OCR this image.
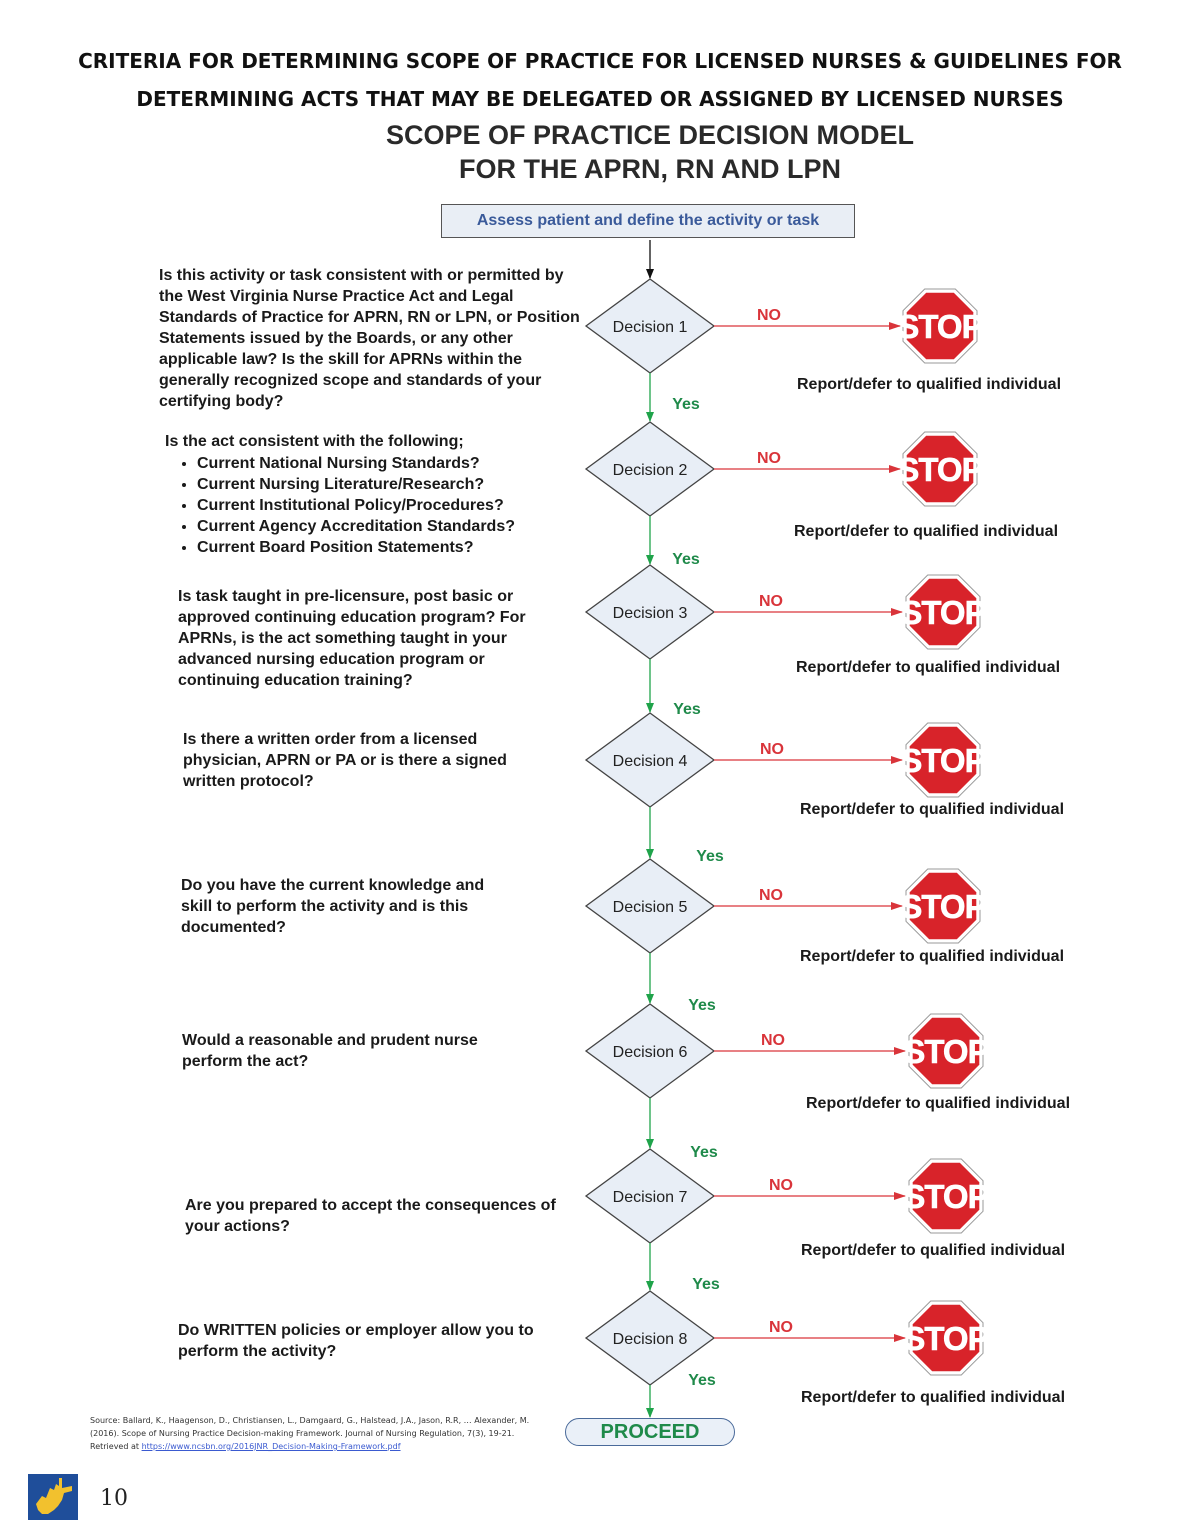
CRITERIA FOR DETERMINING SCOPE OF PRACTICE FOR LICENSED NURSES & GUIDELINES FOR
DETERMINING ACTS THAT MAY BE DELEGATED OR ASSIGNED BY LICENSED NURSES
SCOPE OF PRACTICE DECISION MODEL
FOR THE APRN, RN AND LPN
Assess patient and define the activity or task
Decision 1
NO	STOP
Yes
Decision 2
NO	STOP
Yes
Decision 3
NO	STOP
Yes
Decision 4
NO	STOP
Yes
Decision 5
NO	STOP
Yes
Decision 6
NO	STOP
Yes
Decision 7
NO	STOP
Yes
Decision 8
NO	STOP
Yes
Is this activity or task consistent with or permitted by the West Virginia Nurse Practice Act and Legal Standards of Practice for APRN, RN or LPN, or Position Statements issued by the Boards, or any other applicable law? Is the skill for APRNs within the generally recognized scope and standards of your certifying body?
Is the act consistent with the following;
• Current National Nursing Standards?
• Current Nursing Literature/Research?
• Current Institutional Policy/Procedures?
• Current Agency Accreditation Standards?
• Current Board Position Statements?
Is task taught in pre-licensure, post basic or approved continuing education program? For APRNs, is the act something taught in your advanced nursing education program or continuing education training?
Is there a written order from a licensed physician, APRN or PA or is there a signed written protocol?
Do you have the current knowledge and skill to perform the activity and is this documented?
Would a reasonable and prudent nurse perform the act?
Are you prepared to accept the consequences of your actions?
Do WRITTEN policies or employer allow you to perform the activity?
Report/defer to qualified individual
Report/defer to qualified individual
Report/defer to qualified individual
Report/defer to qualified individual
Report/defer to qualified individual
Report/defer to qualified individual
Report/defer to qualified individual
Report/defer to qualified individual
PROCEED
Source: Ballard, K., Haagenson, D., Christiansen, L., Damgaard, G., Halstead, J.A., Jason, R.R, … Alexander, M. (2016). Scope of Nursing Practice Decision-making Framework. Journal of Nursing Regulation, 7(3), 19-21. Retrieved at https://www.ncsbn.org/2016JNR_Decision-Making-Framework.pdf
10
